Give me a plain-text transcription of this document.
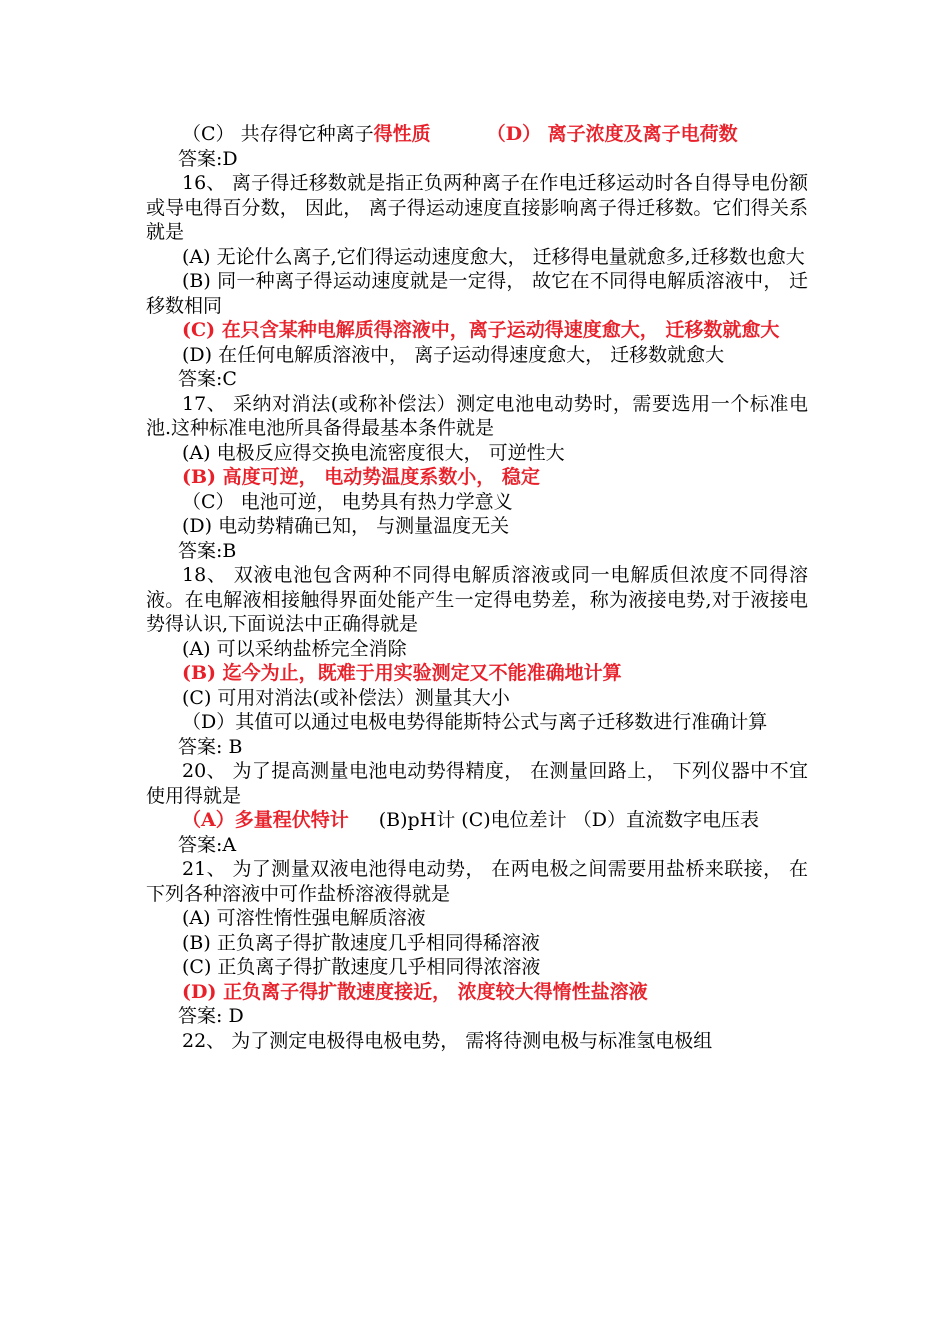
（C） 共存得它种离子得性质	（D） 离子浓度及离子电荷数

答案:D

16、 离子得迁移数就是指正负两种离子在作电迁移运动时各自得导电份额或导电得百分数， 因此， 离子得运动速度直接影响离子得迁移数。它们得关系就是

(A) 无论什么离子,它们得运动速度愈大， 迁移得电量就愈多,迁移数也愈大

(B) 同一种离子得运动速度就是一定得， 故它在不同得电解质溶液中， 迁移数相同

(C) 在只含某种电解质得溶液中，离子运动得速度愈大， 迁移数就愈大

(D) 在任何电解质溶液中， 离子运动得速度愈大， 迁移数就愈大

答案:C

17、 采纳对消法(或称补偿法）测定电池电动势时，需要选用一个标准电池.这种标准电池所具备得最基本条件就是

(A) 电极反应得交换电流密度很大， 可逆性大

(B) 高度可逆， 电动势温度系数小， 稳定

（C） 电池可逆， 电势具有热力学意义

(D) 电动势精确已知， 与测量温度无关

答案:B

18、 双液电池包含两种不同得电解质溶液或同一电解质但浓度不同得溶液。在电解液相接触得界面处能产生一定得电势差，称为液接电势,对于液接电势得认识,下面说法中正确得就是

(A) 可以采纳盐桥完全消除

(B) 迄今为止，既难于用实验测定又不能准确地计算

(C) 可用对消法(或补偿法）测量其大小

（D）其值可以通过电极电势得能斯特公式与离子迁移数进行准确计算

答案: B

20、 为了提高测量电池电动势得精度， 在测量回路上， 下列仪器中不宜使用得就是

（A）多量程伏特计 (B)pH计 (C)电位差计 （D）直流数字电压表

答案:A

21、 为了测量双液电池得电动势， 在两电极之间需要用盐桥来联接， 在下列各种溶液中可作盐桥溶液得就是

(A) 可溶性惰性强电解质溶液

(B) 正负离子得扩散速度几乎相同得稀溶液

(C) 正负离子得扩散速度几乎相同得浓溶液

(D) 正负离子得扩散速度接近， 浓度较大得惰性盐溶液

答案: D

22、 为了测定电极得电极电势， 需将待测电极与标准氢电极组
